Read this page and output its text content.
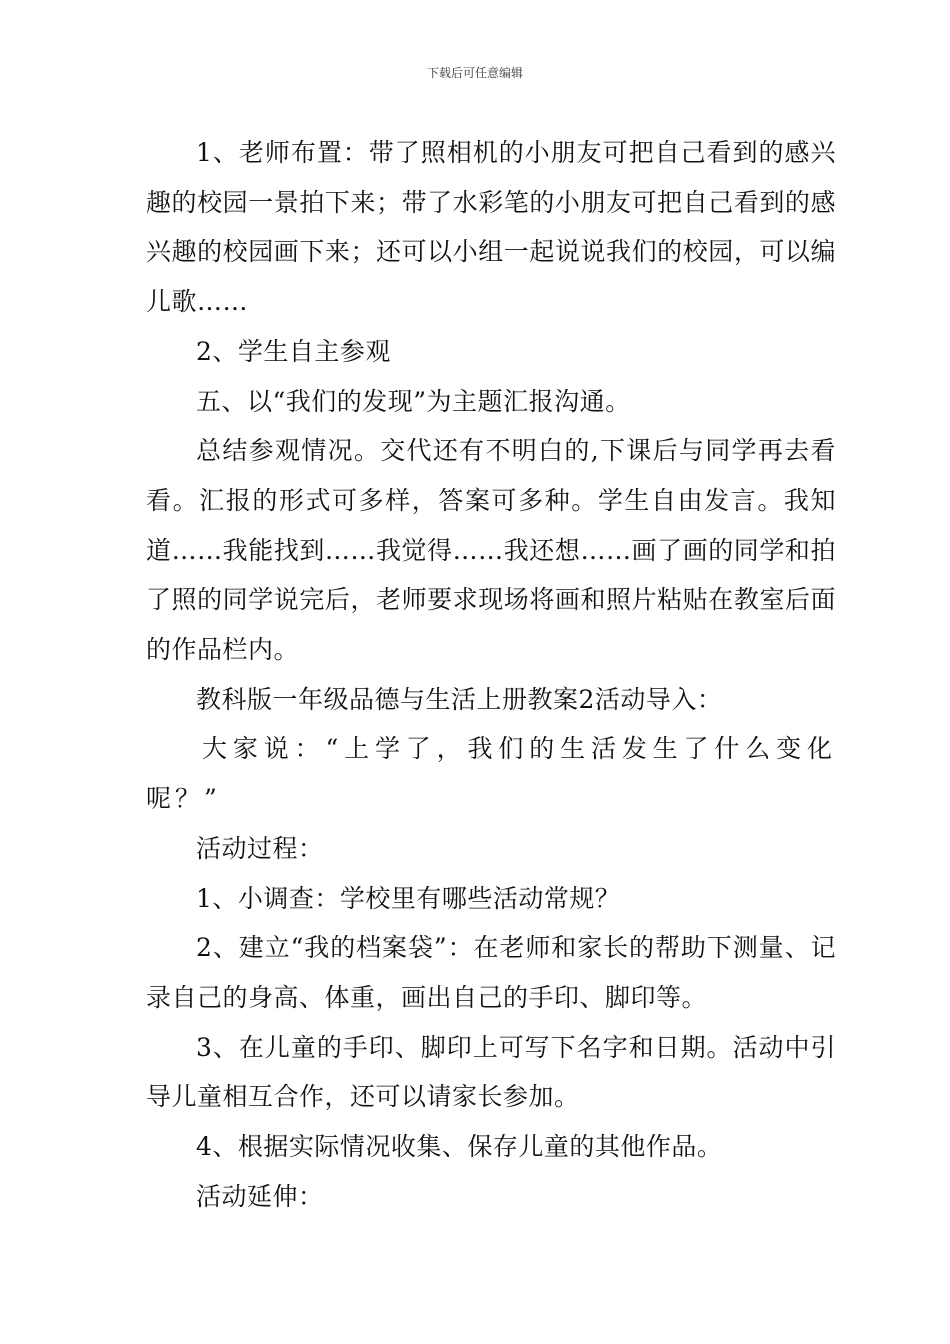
下载后可任意编辑

1、老师布置：带了照相机的小朋友可把自己看到的感兴趣的校园一景拍下来；带了水彩笔的小朋友可把自己看到的感兴趣的校园画下来；还可以小组一起说说我们的校园，可以编儿歌……

2、学生自主参观

五、以“我们的发现”为主题汇报沟通。

总结参观情况。交代还有不明白的,下课后与同学再去看看。汇报的形式可多样，答案可多种。学生自由发言。我知道……我能找到……我觉得……我还想……画了画的同学和拍了照的同学说完后，老师要求现场将画和照片粘贴在教室后面的作品栏内。

教科版一年级品德与生活上册教案2活动导入：

大家说：“上学了，我们的生活发生了什么变化呢？”

活动过程：

1、小调查：学校里有哪些活动常规？

2、建立“我的档案袋”：在老师和家长的帮助下测量、记录自己的身高、体重，画出自己的手印、脚印等。

3、在儿童的手印、脚印上可写下名字和日期。活动中引导儿童相互合作，还可以请家长参加。

4、根据实际情况收集、保存儿童的其他作品。

活动延伸：
